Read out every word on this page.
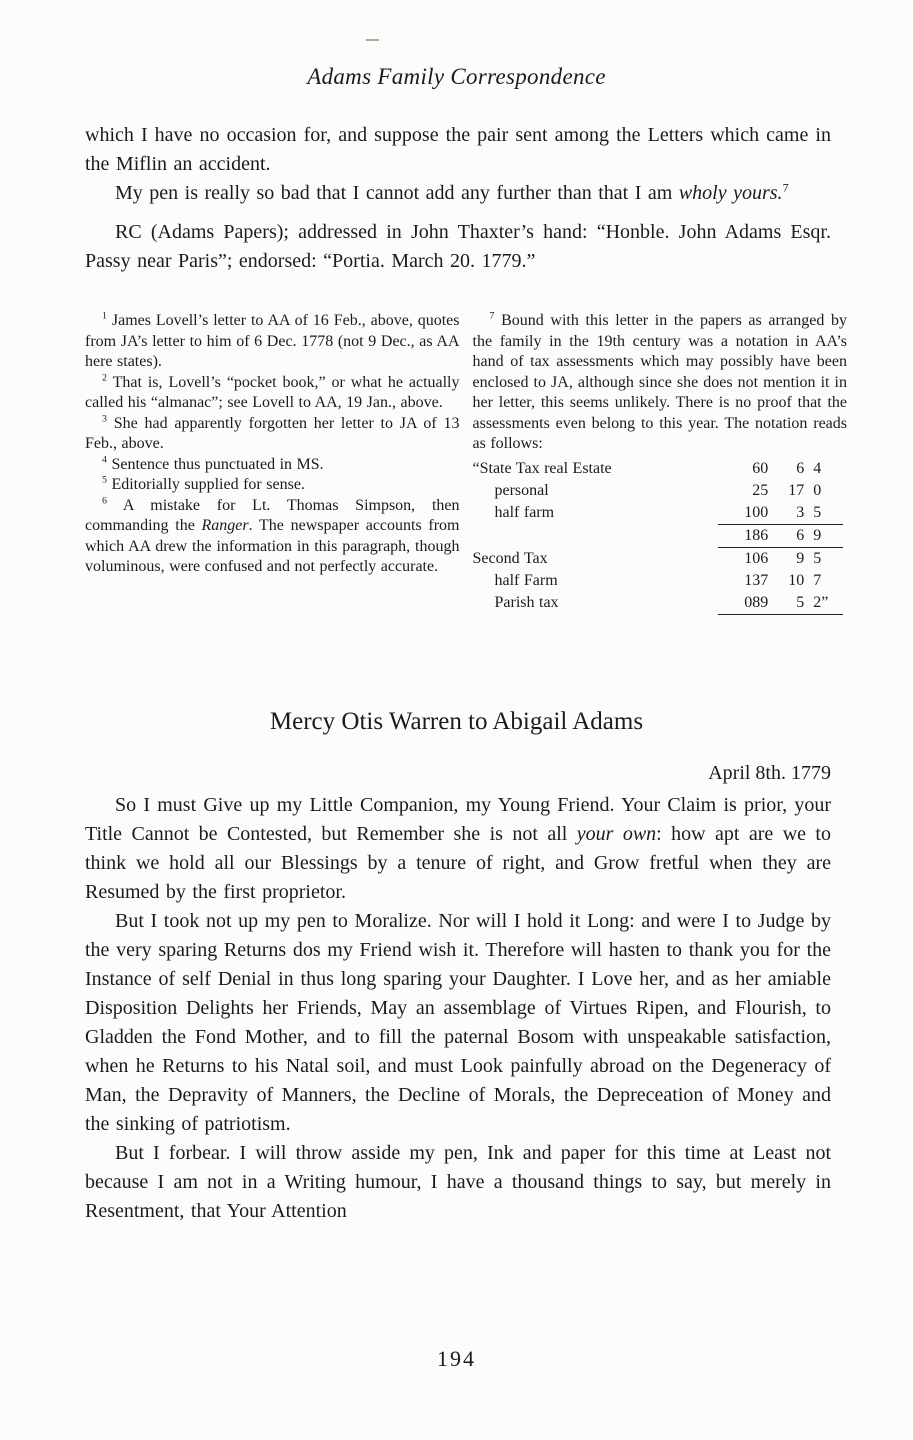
Adams Family Correspondence

which I have no occasion for, and suppose the pair sent among the Letters which came in the Miflin an accident.

My pen is really so bad that I cannot add any further than that I am wholy yours.$^7$

RC (Adams Papers); addressed in John Thaxter’s hand: “Honble. John Adams Esqr. Passy near Paris”; endorsed: “Portia. March 20. 1779.”

$^1$ James Lovell’s letter to AA of 16 Feb., above, quotes from JA’s letter to him of 6 Dec. 1778 (not 9 Dec., as AA here states).

$^2$ That is, Lovell’s “pocket book,” or what he actually called his “almanac”; see Lovell to AA, 19 Jan., above.

$^3$ She had apparently forgotten her letter to JA of 13 Feb., above.

$^4$ Sentence thus punctuated in MS.

$^5$ Editorially supplied for sense.

$^6$ A mistake for Lt. Thomas Simpson, then commanding the Ranger. The newspaper accounts from which AA drew the information in this paragraph, though voluminous, were confused and not perfectly accurate.

$^7$ Bound with this letter in the papers as arranged by the family in the 19th century was a notation in AA’s hand of tax assessments which may possibly have been enclosed to JA, although since she does not mention it in her letter, this seems unlikely. There is no proof that the assessments even belong to this year. The notation reads as follows:

“State Tax real Estate	60	6	4
personal	25	17	0
half farm	100	3	5
	186	6	9
Second Tax	106	9	5
half Farm	137	10	7
Parish tax	089	5	2”
Mercy Otis Warren to Abigail Adams
April 8th. 1779

So I must Give up my Little Companion, my Young Friend. Your Claim is prior, your Title Cannot be Contested, but Remember she is not all your own: how apt are we to think we hold all our Blessings by a tenure of right, and Grow fretful when they are Resumed by the first proprietor.

But I took not up my pen to Moralize. Nor will I hold it Long: and were I to Judge by the very sparing Returns dos my Friend wish it. Therefore will hasten to thank you for the Instance of self Denial in thus long sparing your Daughter. I Love her, and as her amiable Disposition Delights her Friends, May an assemblage of Virtues Ripen, and Flourish, to Gladden the Fond Mother, and to fill the paternal Bosom with unspeakable satisfaction, when he Returns to his Natal soil, and must Look painfully abroad on the Degeneracy of Man, the Depravity of Manners, the Decline of Morals, the Depreceation of Money and the sinking of patriotism.

But I forbear. I will throw asside my pen, Ink and paper for this time at Least not because I am not in a Writing humour, I have a thousand things to say, but merely in Resentment, that Your Attention

194
